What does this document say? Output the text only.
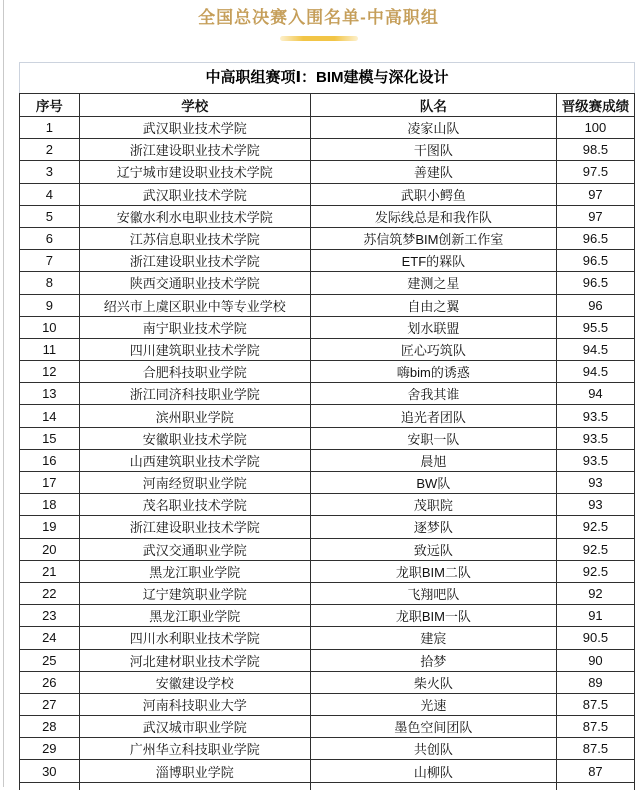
全国总决赛入围名单-中高职组
中高职组赛项Ⅰ：BIM建模与深化设计
序号	学校	队名	晋级赛成绩
1	武汉职业技术学院	凌家山队	100
2	浙江建设职业技术学院	干图队	98.5
3	辽宁城市建设职业技术学院	善建队	97.5
4	武汉职业技术学院	武职小鳄鱼	97
5	安徽水利水电职业技术学院	发际线总是和我作队	97
6	江苏信息职业技术学院	苏信筑梦BIM创新工作室	96.5
7	浙江建设职业技术学院	ETF的槑队	96.5
8	陕西交通职业技术学院	建测之星	96.5
9	绍兴市上虞区职业中等专业学校	自由之翼	96
10	南宁职业技术学院	划水联盟	95.5
11	四川建筑职业技术学院	匠心巧筑队	94.5
12	合肥科技职业学院	嗨bim的诱惑	94.5
13	浙江同济科技职业学院	舍我其谁	94
14	滨州职业学院	追光者团队	93.5
15	安徽职业技术学院	安职一队	93.5
16	山西建筑职业技术学院	晨旭	93.5
17	河南经贸职业学院	BW队	93
18	茂名职业技术学院	茂职院	93
19	浙江建设职业技术学院	逐梦队	92.5
20	武汉交通职业学院	致远队	92.5
21	黑龙江职业学院	龙职BIM二队	92.5
22	辽宁建筑职业学院	飞翔吧队	92
23	黑龙江职业学院	龙职BIM一队	91
24	四川水利职业技术学院	建宸	90.5
25	河北建材职业技术学院	拾梦	90
26	安徽建设学校	柴火队	89
27	河南科技职业大学	光速	87.5
28	武汉城市职业学院	墨色空间团队	87.5
29	广州华立科技职业学院	共创队	87.5
30	淄博职业学院	山柳队	87
